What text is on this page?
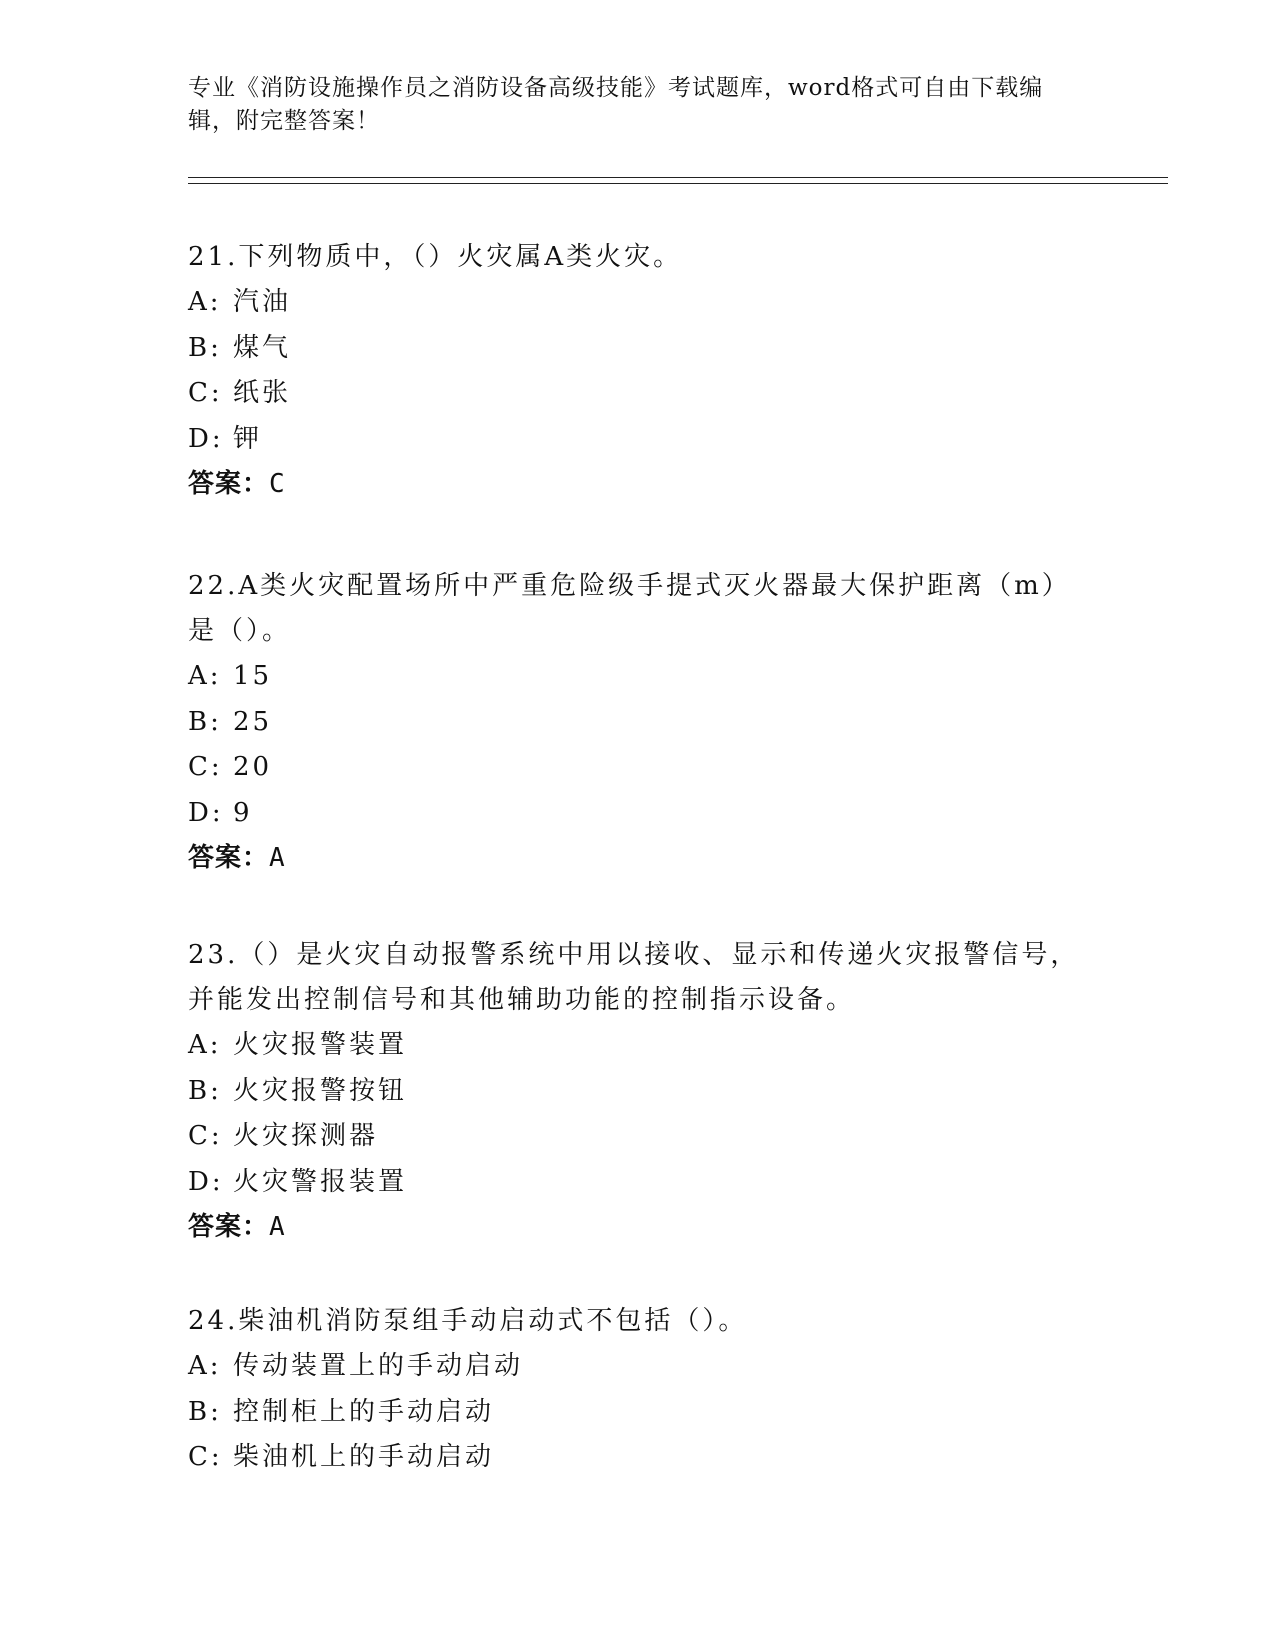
专业《消防设施操作员之消防设备高级技能》考试题库，word格式可自由下载编辑，附完整答案！

21.下列物质中，（）火灾属A类火灾。

A: 汽油

B: 煤气

C: 纸张

D: 钾

答案：C

22.A类火灾配置场所中严重危险级手提式灭火器最大保护距离（m）是（）。

A: 15

B: 25

C: 20

D: 9

答案：A

23.（）是火灾自动报警系统中用以接收、显示和传递火灾报警信号，并能发出控制信号和其他辅助功能的控制指示设备。

A: 火灾报警装置

B: 火灾报警按钮

C: 火灾探测器

D: 火灾警报装置

答案：A

24.柴油机消防泵组手动启动式不包括（）。

A: 传动装置上的手动启动

B: 控制柜上的手动启动

C: 柴油机上的手动启动
